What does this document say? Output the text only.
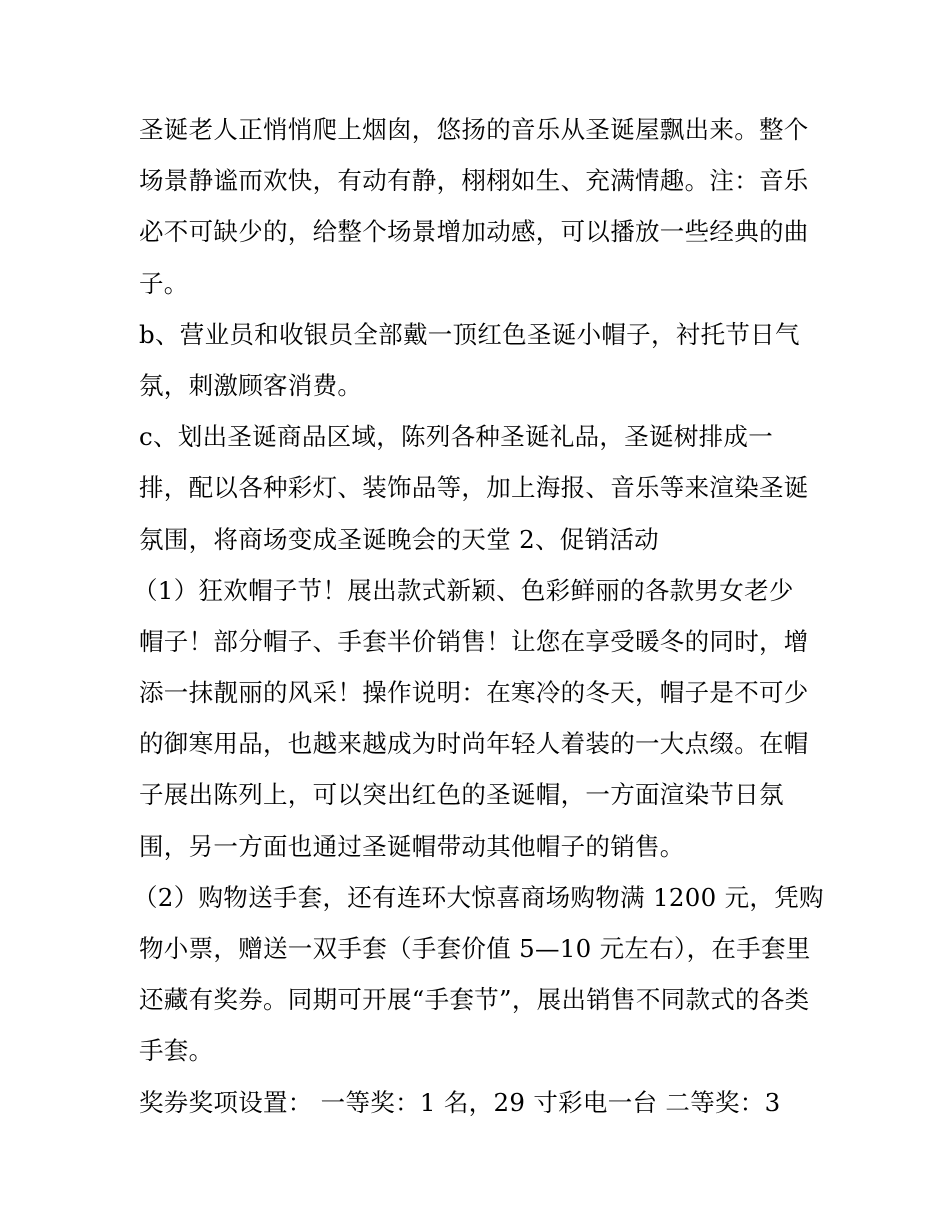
圣诞老人正悄悄爬上烟囱，悠扬的音乐从圣诞屋飘出来。整个
场景静谧而欢快，有动有静，栩栩如生、充满情趣。注：音乐
必不可缺少的，给整个场景增加动感，可以播放一些经典的曲
子。
b、营业员和收银员全部戴一顶红色圣诞小帽子，衬托节日气
氛，刺激顾客消费。
c、划出圣诞商品区域，陈列各种圣诞礼品，圣诞树排成一
排，配以各种彩灯、装饰品等，加上海报、音乐等来渲染圣诞
氛围，将商场变成圣诞晚会的天堂 2、促销活动
（1）狂欢帽子节！展出款式新颖、色彩鲜丽的各款男女老少
帽子！部分帽子、手套半价销售！让您在享受暖冬的同时，增
添一抹靓丽的风采！操作说明：在寒冷的冬天，帽子是不可少
的御寒用品，也越来越成为时尚年轻人着装的一大点缀。在帽
子展出陈列上，可以突出红色的圣诞帽，一方面渲染节日氛
围，另一方面也通过圣诞帽带动其他帽子的销售。
（2）购物送手套，还有连环大惊喜商场购物满 1200 元，凭购
物小票，赠送一双手套（手套价值 5—10 元左右），在手套里
还藏有奖券。同期可开展“手套节”，展出销售不同款式的各类
手套。
奖券奖项设置： 一等奖：1 名，29 寸彩电一台 二等奖：3
